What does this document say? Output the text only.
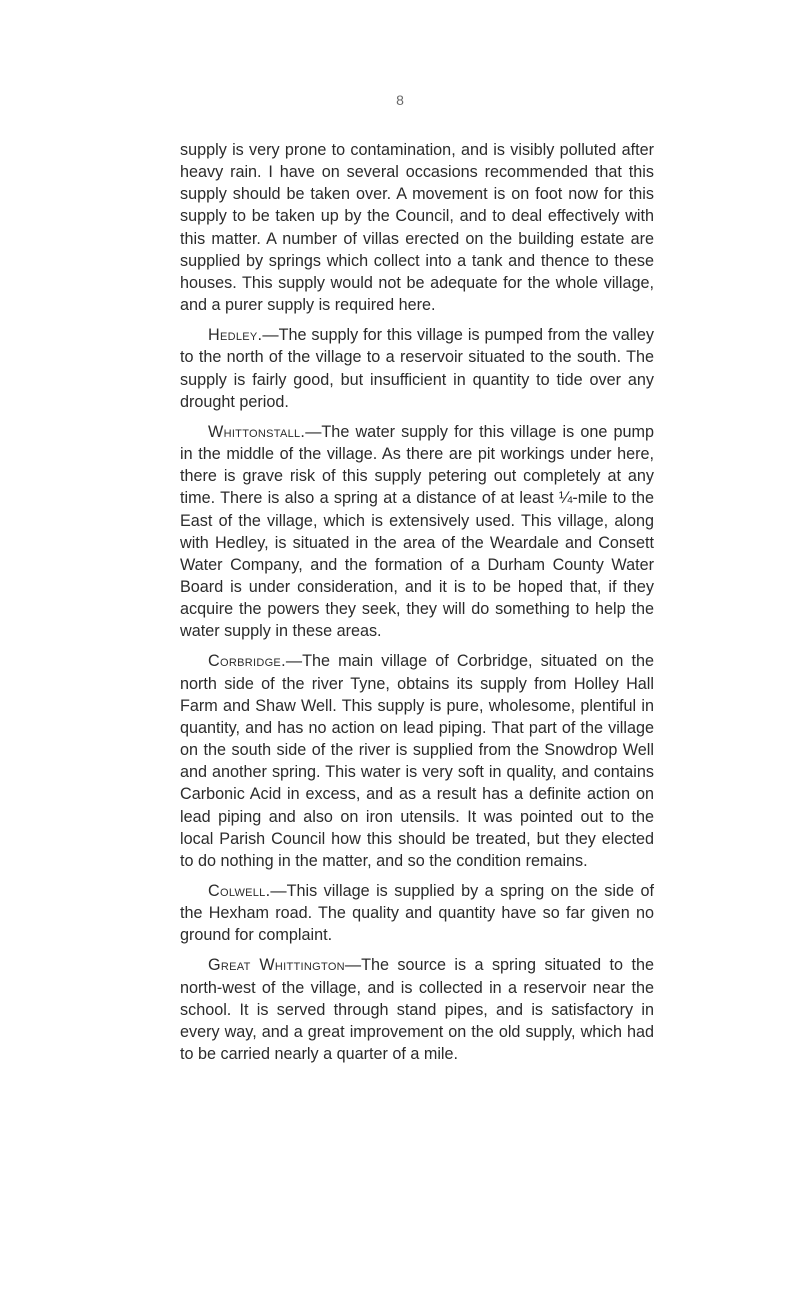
8

supply is very prone to contamination, and is visibly polluted after heavy rain. I have on several occasions recommended that this supply should be taken over. A movement is on foot now for this supply to be taken up by the Council, and to deal effectively with this matter. A number of villas erected on the building estate are supplied by springs which collect into a tank and thence to these houses. This supply would not be adequate for the whole village, and a purer supply is required here.

Hedley.—The supply for this village is pumped from the valley to the north of the village to a reservoir situated to the south. The supply is fairly good, but insufficient in quantity to tide over any drought period.

Whittonstall.—The water supply for this village is one pump in the middle of the village. As there are pit workings under here, there is grave risk of this supply petering out completely at any time. There is also a spring at a distance of at least ¼-mile to the East of the village, which is extensively used. This village, along with Hedley, is situated in the area of the Weardale and Consett Water Company, and the formation of a Durham County Water Board is under consideration, and it is to be hoped that, if they acquire the powers they seek, they will do something to help the water supply in these areas.

Corbridge.—The main village of Corbridge, situated on the north side of the river Tyne, obtains its supply from Holley Hall Farm and Shaw Well. This supply is pure, wholesome, plentiful in quantity, and has no action on lead piping. That part of the village on the south side of the river is supplied from the Snowdrop Well and another spring. This water is very soft in quality, and contains Carbonic Acid in excess, and as a result has a definite action on lead piping and also on iron utensils. It was pointed out to the local Parish Council how this should be treated, but they elected to do nothing in the matter, and so the condition remains.

Colwell.—This village is supplied by a spring on the side of the Hexham road. The quality and quantity have so far given no ground for complaint.

Great Whittington—The source is a spring situated to the north-west of the village, and is collected in a reservoir near the school. It is served through stand pipes, and is satisfactory in every way, and a great improvement on the old supply, which had to be carried nearly a quarter of a mile.
